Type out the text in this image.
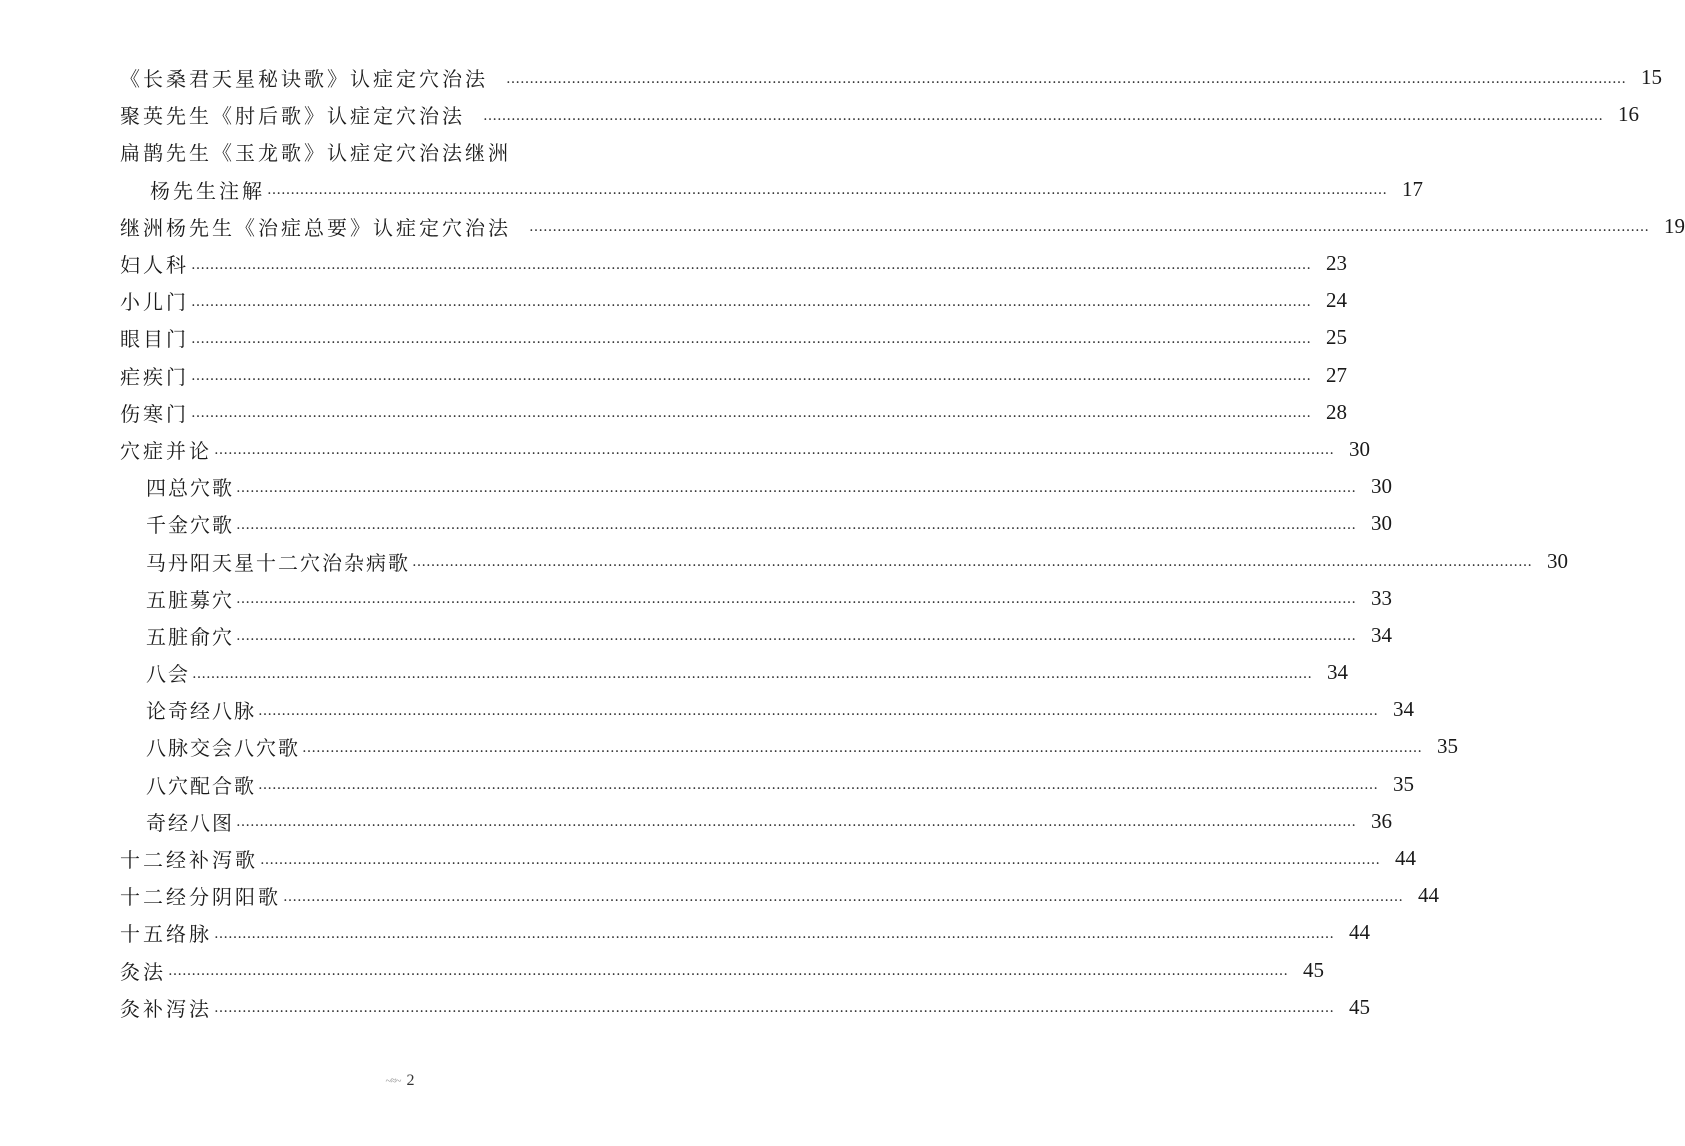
《长桑君天星秘诀歌》认症定穴治法 …………………………………………………………………………………………………………………………………………………………………………………………………………………… 15
聚英先生《肘后歌》认症定穴治法 …………………………………………………………………………………………………………………………………………………………………………………………………………………… 16
扁鹊先生《玉龙歌》认症定穴治法继洲
杨先生注解 …………………………………………………………………………………………………………………………………………………………………………………………………………………… 17
继洲杨先生《治症总要》认症定穴治法 …………………………………………………………………………………………………………………………………………………………………………………………………………………… 19
妇人科 …………………………………………………………………………………………………………………………………………………………………………………………………………………… 23
小儿门 …………………………………………………………………………………………………………………………………………………………………………………………………………………… 24
眼目门 …………………………………………………………………………………………………………………………………………………………………………………………………………………… 25
疟疾门 …………………………………………………………………………………………………………………………………………………………………………………………………………………… 27
伤寒门 …………………………………………………………………………………………………………………………………………………………………………………………………………………… 28
穴症并论 …………………………………………………………………………………………………………………………………………………………………………………………………………………… 30
四总穴歌 …………………………………………………………………………………………………………………………………………………………………………………………………………………… 30
千金穴歌 …………………………………………………………………………………………………………………………………………………………………………………………………………………… 30
马丹阳天星十二穴治杂病歌 …………………………………………………………………………………………………………………………………………………………………………………………………………………… 30
五脏募穴 …………………………………………………………………………………………………………………………………………………………………………………………………………………… 33
五脏俞穴 …………………………………………………………………………………………………………………………………………………………………………………………………………………… 34
八会 …………………………………………………………………………………………………………………………………………………………………………………………………………………… 34
论奇经八脉 …………………………………………………………………………………………………………………………………………………………………………………………………………………… 34
八脉交会八穴歌 …………………………………………………………………………………………………………………………………………………………………………………………………………………… 35
八穴配合歌 …………………………………………………………………………………………………………………………………………………………………………………………………………………… 35
奇经八图 …………………………………………………………………………………………………………………………………………………………………………………………………………………… 36
十二经补泻歌 …………………………………………………………………………………………………………………………………………………………………………………………………………………… 44
十二经分阴阳歌 …………………………………………………………………………………………………………………………………………………………………………………………………………………… 44
十五络脉 …………………………………………………………………………………………………………………………………………………………………………………………………………………… 44
灸法 …………………………………………………………………………………………………………………………………………………………………………………………………………………… 45
灸补泻法 …………………………………………………………………………………………………………………………………………………………………………………………………………………… 45
~≈~ 2
